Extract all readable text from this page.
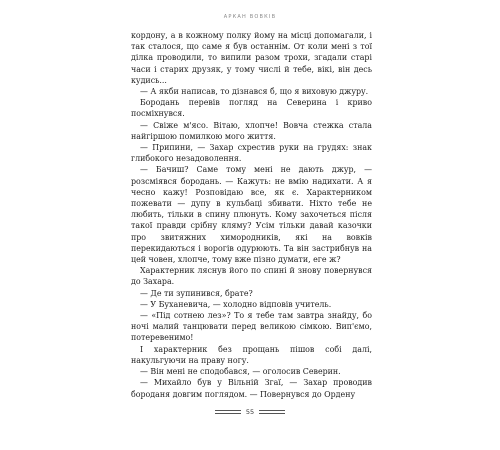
АРКАН ВОВКІВ

кордону, а в кожному полку йому на місці допомагали, і так сталося, що саме я був останнім. От коли мені з тої ділка проводили, то випили разом трохи, згадали старі часи і старих друзяк, у тому числі й тебе, вікі, він десь кудись...

— А якби написав, то дізнався б, що я виховую джуру.

Бородань перевів погляд на Северина і криво посміхнувся.

— Свіже м'ясо. Вітаю, хлопче! Вовча стежка стала найгіршою помилкою мого життя.

— Припини, — Захар схрестив руки на грудях: знак глибокого незадоволення.

— Бачиш? Саме тому мені не дають джур, — розсміявся бородань. — Кажуть: не вмію надихати. А я чесно кажу! Розповідаю все, як є. Характерником пожевати — дупу в кульбаці збивати. Ніхто тебе не любить, тільки в спину плюнуть. Кому захочеться після такої правди срібну кляму? Усім тільки давай казочки про звитяжних химородників, які на вовків перекидаються і ворогів одурюють. Та він застрибнув на цей човен, хлопче, тому вже пізно думати, еге ж?

Характерник ляснув його по спині й знову повернувся до Захара.

— Де ти зупинився, брате?

— У Буханевича, — холодно відповів учитель.

— «Під сотнею лез»? То я тебе там завтра знайду, бо ночі малий танцювати перед великою сімкою. Вип'ємо, потеревенимо!

І характерник без прощань пішов собі далі, накульгуючи на праву ногу.

— Він мені не сподобався, — оголосив Северин.

— Михайло був у Вільній Згаї, — Захар проводив бороданя довгим поглядом. — Повернувся до Ордену

55
